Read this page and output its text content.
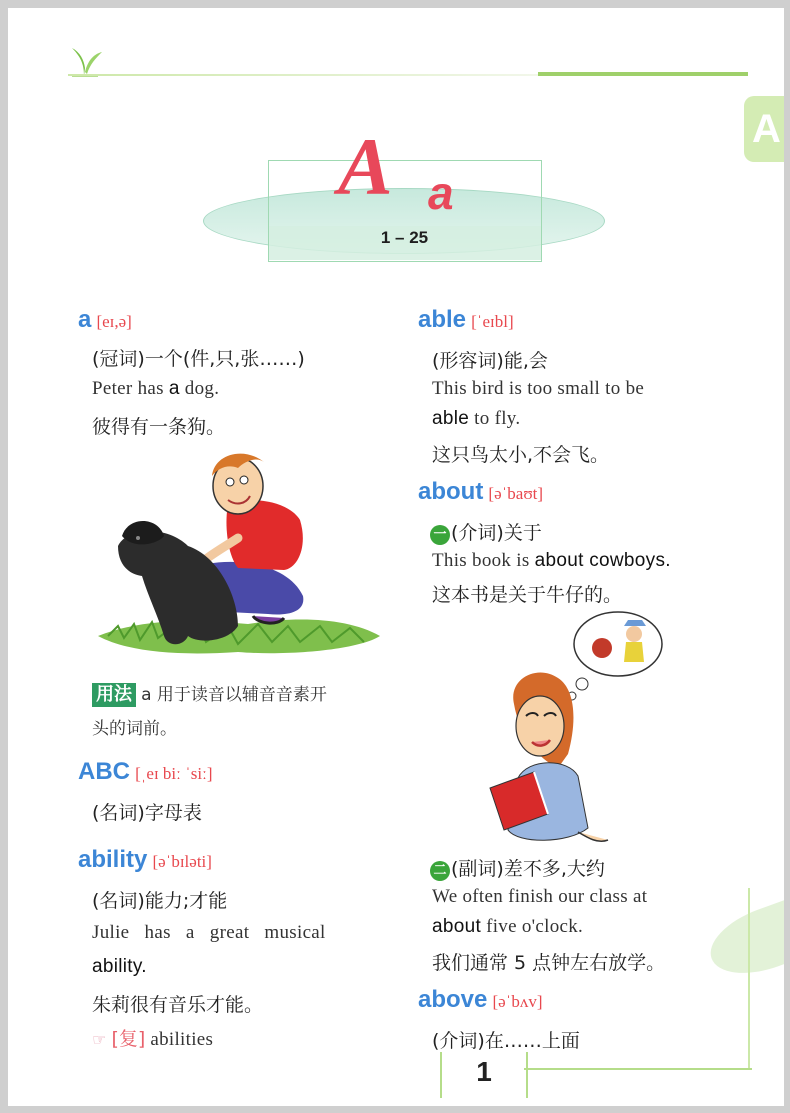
A
A a
1 – 25
a [eɪ,ə]
(冠词)一个(件,只,张……)
Peter has a dog.
彼得有一条狗。
用法 a 用于读音以辅音音素开
头的词前。
ABC [ˌeɪ biː ˈsiː]
(名词)字母表
ability [əˈbɪləti]
(名词)能力;才能
Julie   has   a   great   musical
ability.
朱莉很有音乐才能。
☞ [复] abilities
able [ˈeɪbl]
(形容词)能,会
This bird is too small to be
able to fly.
这只鸟太小,不会飞。
about [əˈbaʊt]
一 (介词)关于
This book is about cowboys.
这本书是关于牛仔的。
二 (副词)差不多,大约
We often finish our class at
about five o'clock.
我们通常 5 点钟左右放学。
above [əˈbʌv]
(介词)在……上面
1
